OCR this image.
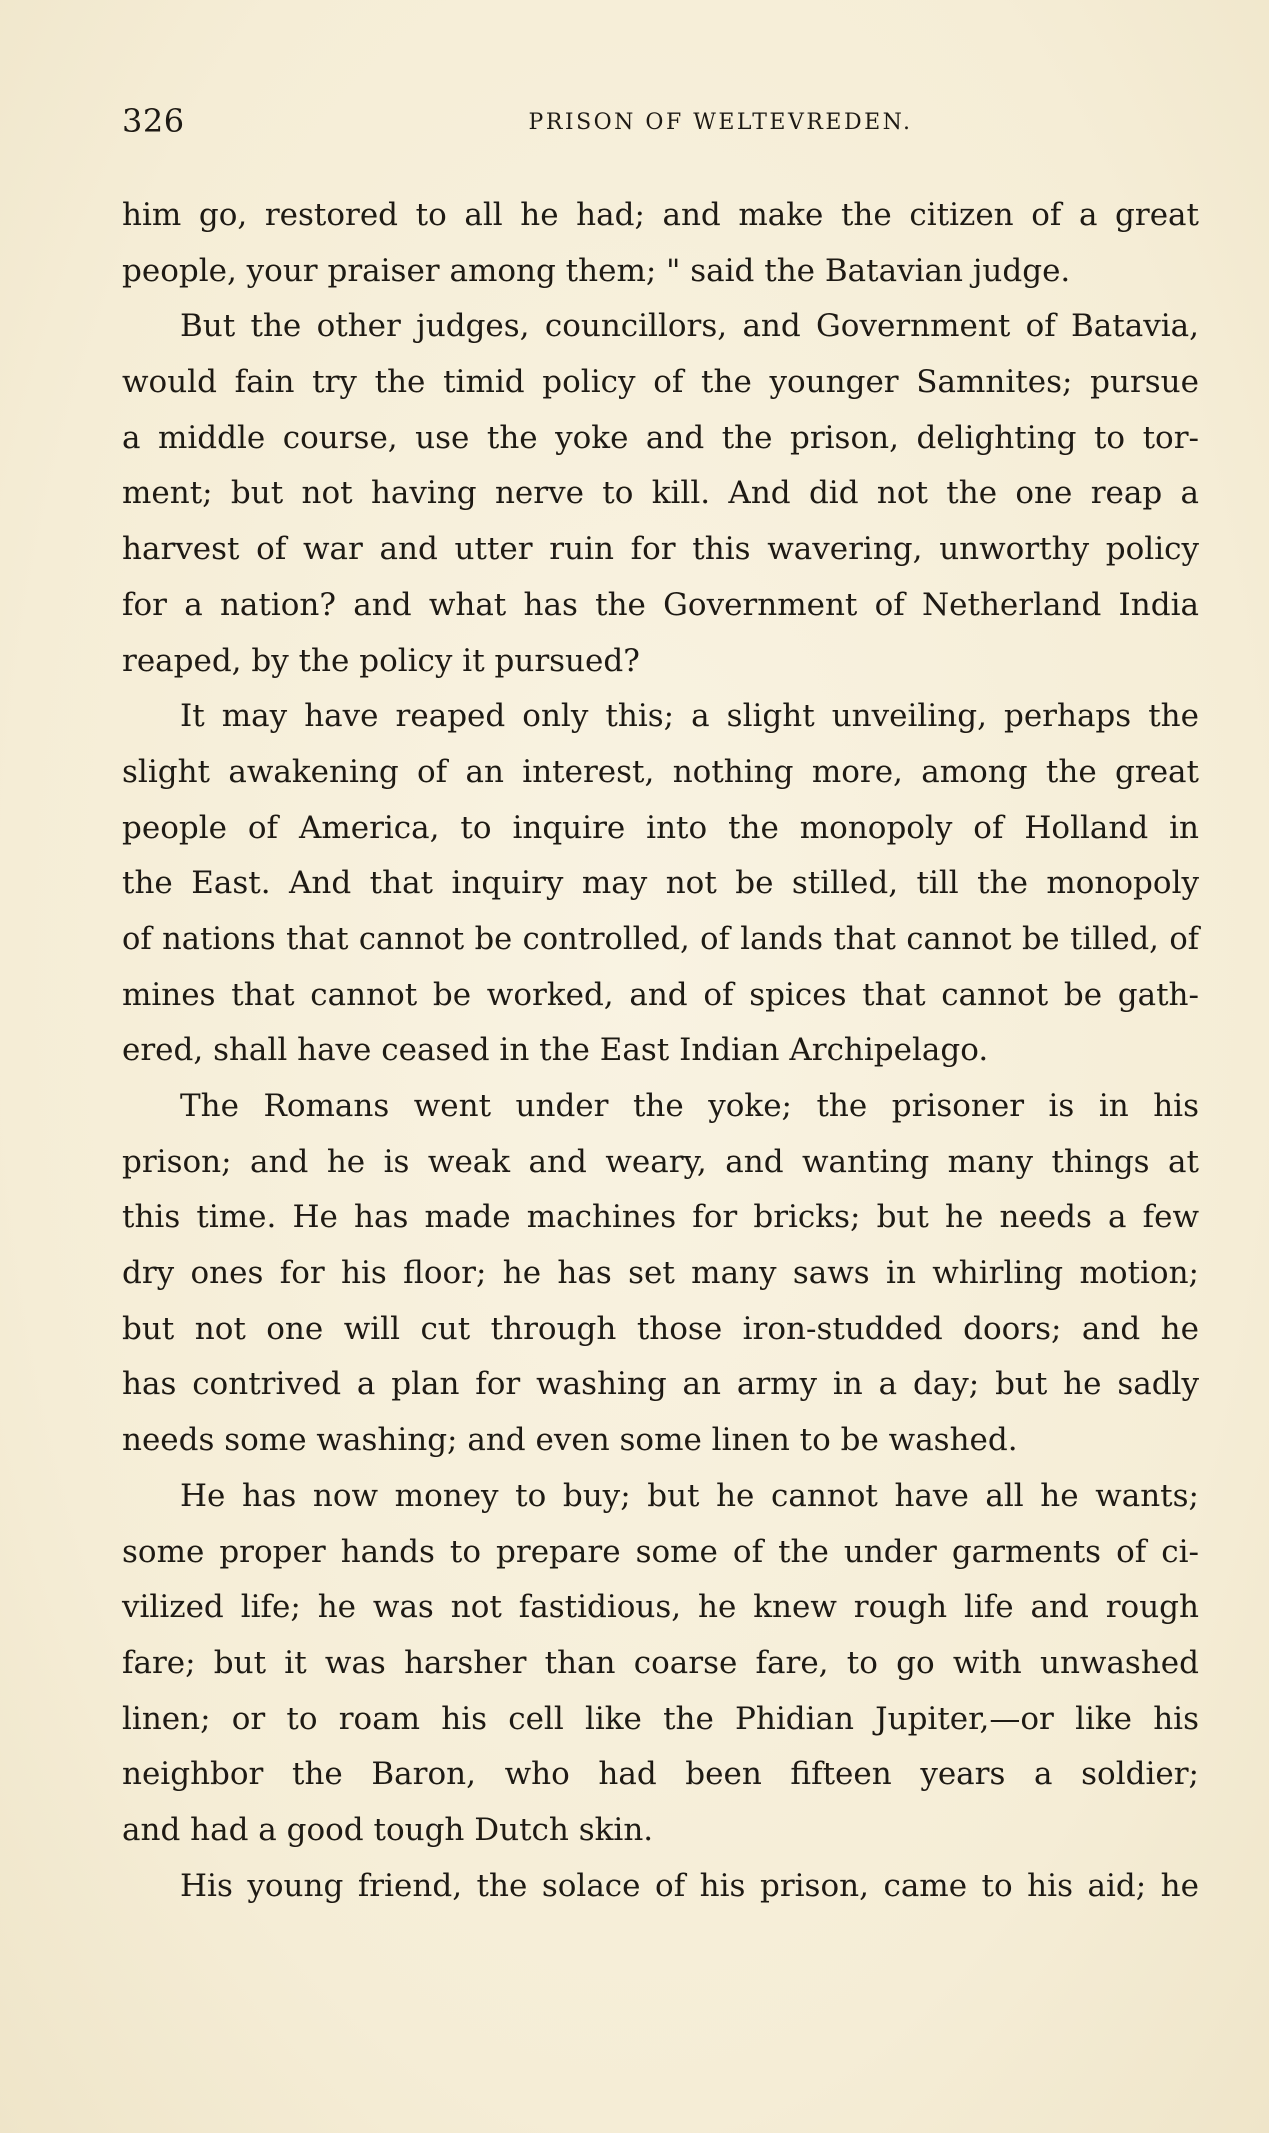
326	PRISON OF WELTEVREDEN.
him go, restored to all he had; and make the citizen of a great
people, your praiser among them; " said the Batavian judge.
But the other judges, councillors, and Government of Batavia,
would fain try the timid policy of the younger Samnites; pursue
a middle course, use the yoke and the prison, delighting to tor-
ment; but not having nerve to kill. And did not the one reap a
harvest of war and utter ruin for this wavering, unworthy policy
for a nation? and what has the Government of Netherland India
reaped, by the policy it pursued?
It may have reaped only this; a slight unveiling, perhaps the
slight awakening of an interest, nothing more, among the great
people of America, to inquire into the monopoly of Holland in
the East. And that inquiry may not be stilled, till the monopoly
of nations that cannot be controlled, of lands that cannot be tilled, of
mines that cannot be worked, and of spices that cannot be gath-
ered, shall have ceased in the East Indian Archipelago.
The Romans went under the yoke; the prisoner is in his
prison; and he is weak and weary, and wanting many things at
this time. He has made machines for bricks; but he needs a few
dry ones for his floor; he has set many saws in whirling motion;
but not one will cut through those iron-studded doors; and he
has contrived a plan for washing an army in a day; but he sadly
needs some washing; and even some linen to be washed.
He has now money to buy; but he cannot have all he wants;
some proper hands to prepare some of the under garments of ci-
vilized life; he was not fastidious, he knew rough life and rough
fare; but it was harsher than coarse fare, to go with unwashed
linen; or to roam his cell like the Phidian Jupiter,—or like his
neighbor the Baron, who had been fifteen years a soldier;
and had a good tough Dutch skin.
His young friend, the solace of his prison, came to his aid; he
